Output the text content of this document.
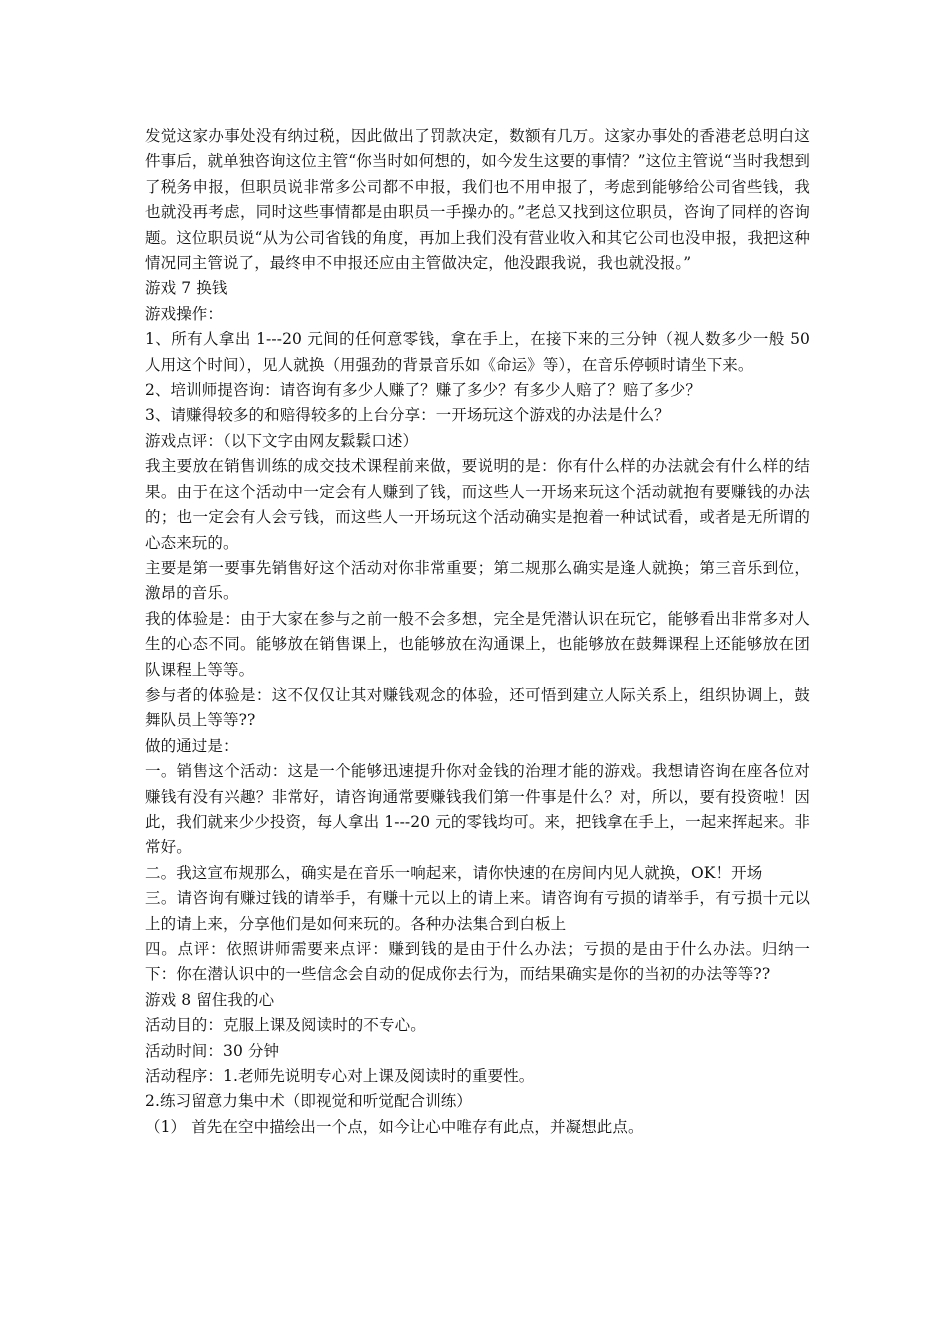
发觉这家办事处没有纳过税，因此做出了罚款决定，数额有几万。这家办事处的香港老总明白这件事后，就单独咨询这位主管“你当时如何想的，如今发生这要的事情？”这位主管说“当时我想到了税务申报，但职员说非常多公司都不申报，我们也不用申报了，考虑到能够给公司省些钱，我也就没再考虑，同时这些事情都是由职员一手操办的。”老总又找到这位职员，咨询了同样的咨询题。这位职员说“从为公司省钱的角度，再加上我们没有营业收入和其它公司也没申报，我把这种情况同主管说了，最终申不申报还应由主管做决定，他没跟我说，我也就没报。”

游戏 7 换钱

游戏操作：

1、所有人拿出 1---20 元间的任何意零钱，拿在手上，在接下来的三分钟（视人数多少一般 50 人用这个时间），见人就换（用强劲的背景音乐如《命运》等），在音乐停顿时请坐下来。

2、培训师提咨询：请咨询有多少人赚了？赚了多少？有多少人赔了？赔了多少？

3、请赚得较多的和赔得较多的上台分享：一开场玩这个游戏的办法是什么？

游戏点评：（以下文字由网友鬏鬏口述）

我主要放在销售训练的成交技术课程前来做，要说明的是：你有什么样的办法就会有什么样的结果。由于在这个活动中一定会有人赚到了钱，而这些人一开场来玩这个活动就抱有要赚钱的办法的；也一定会有人会亏钱，而这些人一开场玩这个活动确实是抱着一种试试看，或者是无所谓的心态来玩的。

主要是第一要事先销售好这个活动对你非常重要；第二规那么确实是逢人就换；第三音乐到位，激昂的音乐。

我的体验是：由于大家在参与之前一般不会多想，完全是凭潜认识在玩它，能够看出非常多对人生的心态不同。能够放在销售课上，也能够放在沟通课上，也能够放在鼓舞课程上还能够放在团队课程上等等。

参与者的体验是：这不仅仅让其对赚钱观念的体验，还可悟到建立人际关系上，组织协调上，鼓舞队员上等等??

做的通过是：

一。销售这个活动：这是一个能够迅速提升你对金钱的治理才能的游戏。我想请咨询在座各位对赚钱有没有兴趣？非常好，请咨询通常要赚钱我们第一件事是什么？对，所以，要有投资啦！因此，我们就来少少投资，每人拿出 1---20 元的零钱均可。来，把钱拿在手上，一起来挥起来。非常好。

二。我这宣布规那么，确实是在音乐一响起来，请你快速的在房间内见人就换，OK！开场

三。请咨询有赚过钱的请举手，有赚十元以上的请上来。请咨询有亏损的请举手，有亏损十元以上的请上来，分享他们是如何来玩的。各种办法集合到白板上

四。点评：依照讲师需要来点评：赚到钱的是由于什么办法；亏损的是由于什么办法。归纳一下：你在潜认识中的一些信念会自动的促成你去行为，而结果确实是你的当初的办法等等??

游戏 8 留住我的心

活动目的：克服上课及阅读时的不专心。

活动时间：30 分钟

活动程序：1.老师先说明专心对上课及阅读时的重要性。

2.练习留意力集中术（即视觉和听觉配合训练）

（1） 首先在空中描绘出一个点，如今让心中唯存有此点，并凝想此点。
